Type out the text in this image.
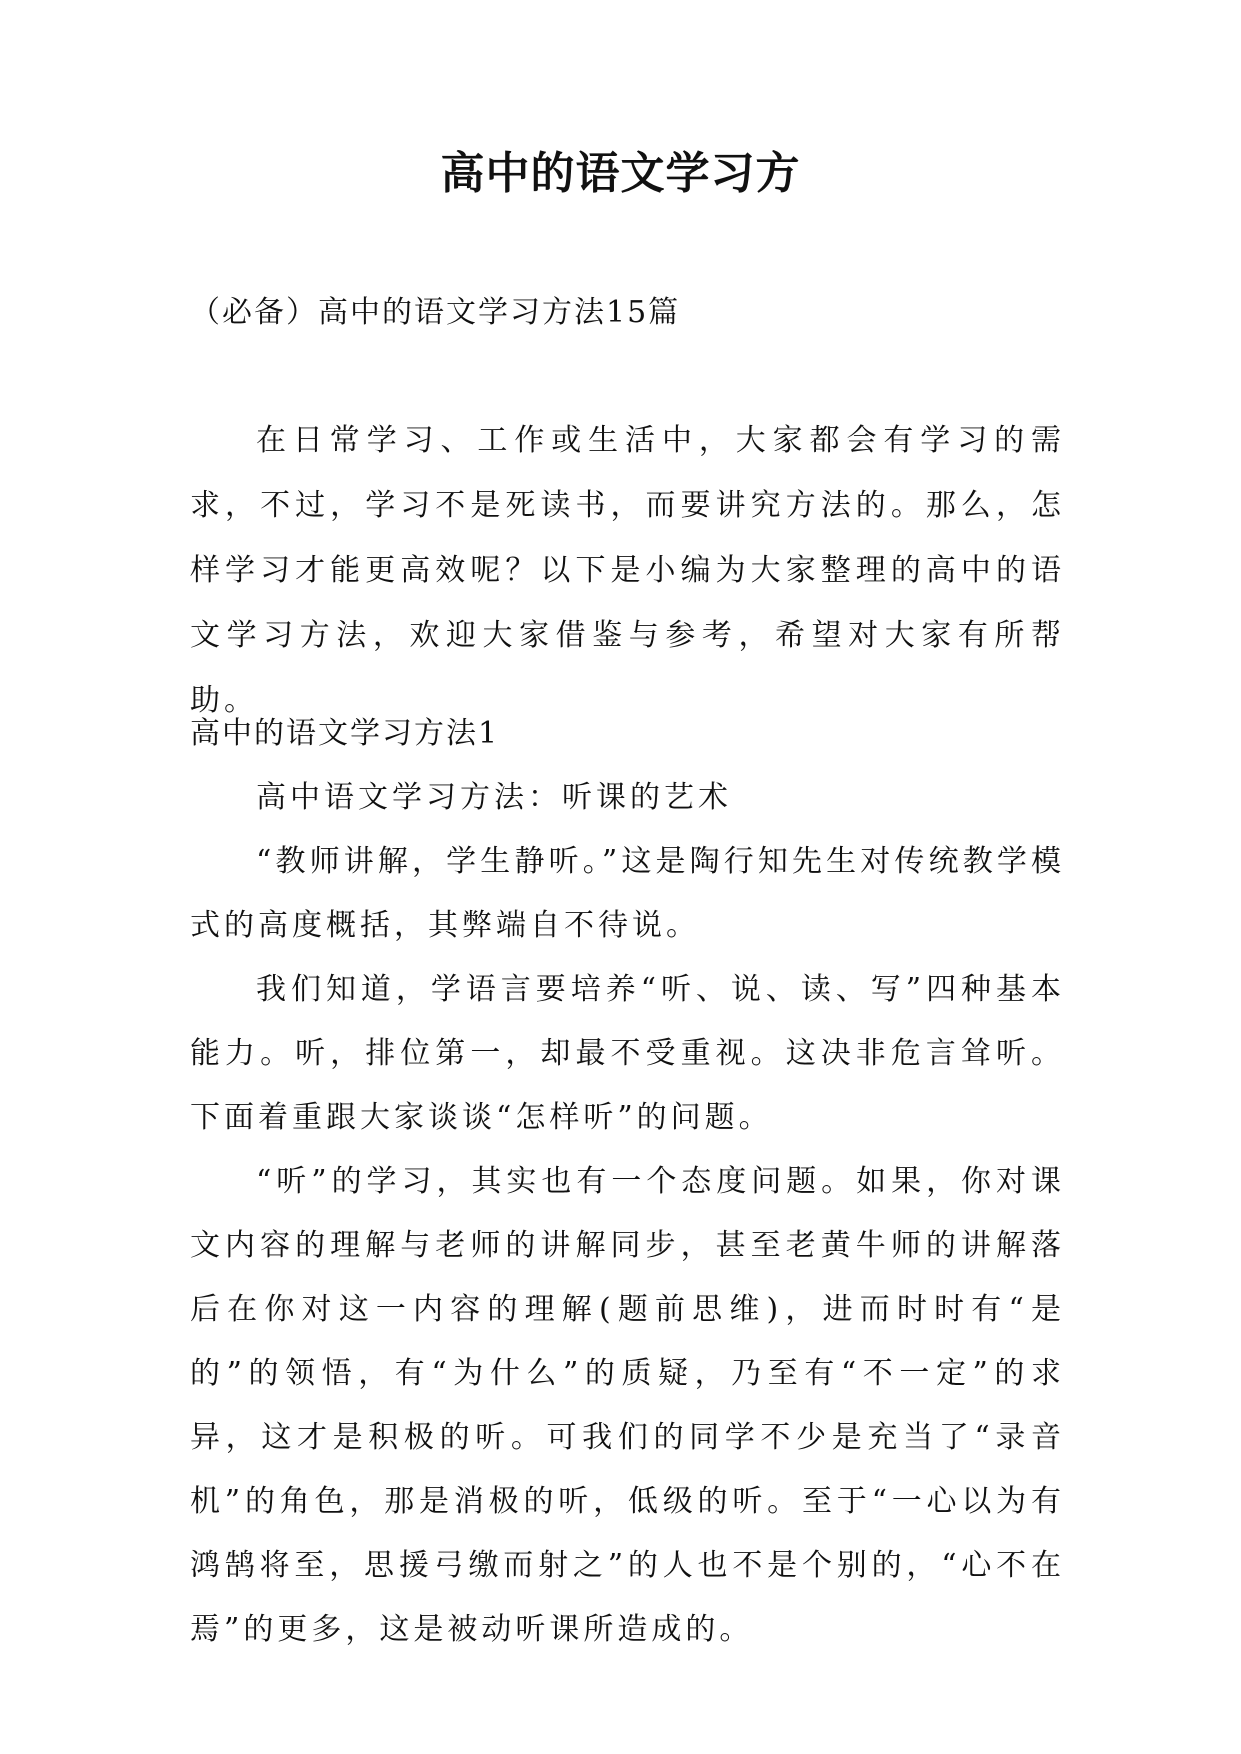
高中的语文学习方
（必备）高中的语文学习方法15篇

在日常学习、工作或生活中，大家都会有学习的需求，不过，学习不是死读书，而要讲究方法的。那么，怎样学习才能更高效呢？以下是小编为大家整理的高中的语文学习方法，欢迎大家借鉴与参考，希望对大家有所帮助。

高中的语文学习方法1

高中语文学习方法：听课的艺术

“教师讲解，学生静听。”这是陶行知先生对传统教学模式的高度概括，其弊端自不待说。

我们知道，学语言要培养“听、说、读、写”四种基本能力。听，排位第一，却最不受重视。这决非危言耸听。下面着重跟大家谈谈“怎样听”的问题。

“听”的学习，其实也有一个态度问题。如果，你对课文内容的理解与老师的讲解同步，甚至老黄牛师的讲解落后在你对这一内容的理解(题前思维)，进而时时有“是的”的领悟，有“为什么”的质疑，乃至有“不一定”的求异，这才是积极的听。可我们的同学不少是充当了“录音机”的角色，那是消极的听，低级的听。至于“一心以为有鸿鹄将至，思援弓缴而射之”的人也不是个别的，“心不在焉”的更多，这是被动听课所造成的。
